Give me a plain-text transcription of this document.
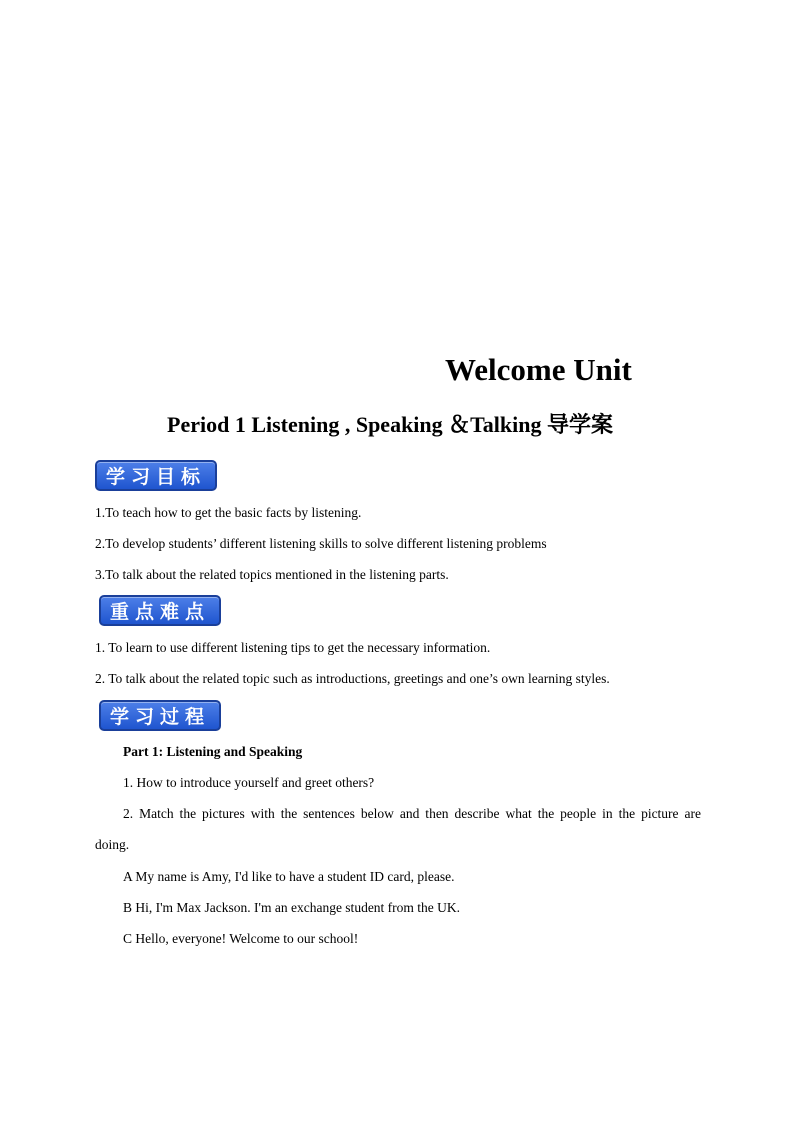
Welcome Unit
Period 1 Listening , Speaking ＆Talking 导学案
学习目标
1.To teach how to get the basic facts by listening.
2.To develop students’ different listening skills to solve different listening problems
3.To talk about the related topics mentioned in the listening parts.
重点难点
1. To learn to use different listening tips to get the necessary information.
2. To talk about the related topic such as introductions, greetings and one’s own learning styles.
学习过程
Part 1: Listening and Speaking
1. How to introduce yourself and greet others?
2. Match the pictures with the sentences below and then describe what the people in the picture are
doing.
A My name is Amy, I'd like to have a student ID card, please.
B Hi, I'm Max Jackson. I'm an exchange student from the UK.
C Hello, everyone! Welcome to our school!
